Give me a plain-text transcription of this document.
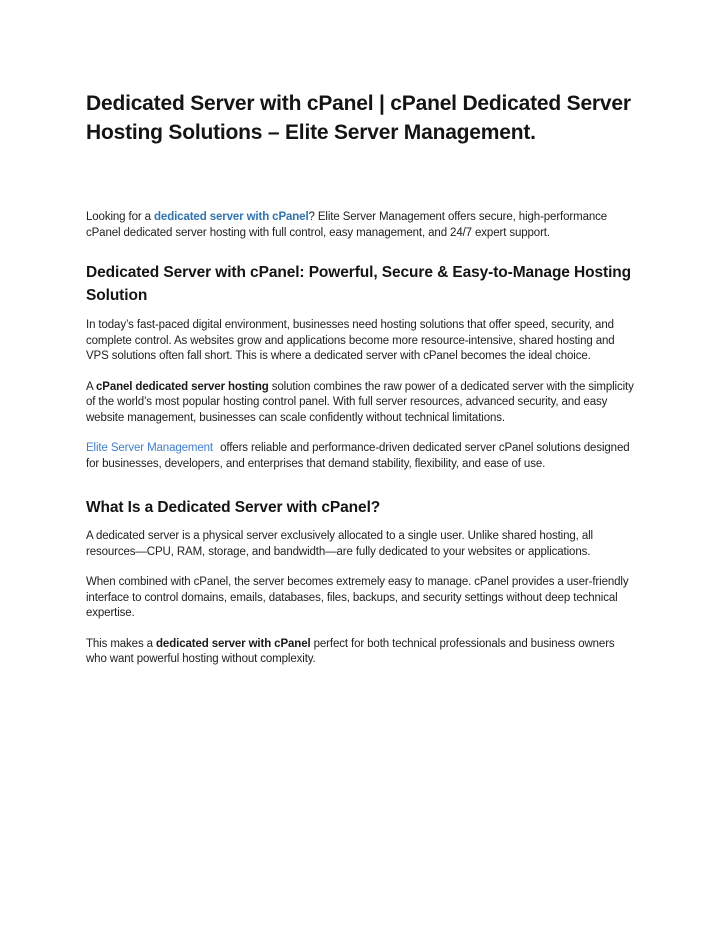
Dedicated Server with cPanel | cPanel Dedicated Server Hosting Solutions – Elite Server Management.

Looking for a dedicated server with cPanel? Elite Server Management offers secure, high-performance cPanel dedicated server hosting with full control, easy management, and 24/7 expert support.

Dedicated Server with cPanel: Powerful, Secure & Easy-to-Manage Hosting Solution

In today’s fast-paced digital environment, businesses need hosting solutions that offer speed, security, and complete control. As websites grow and applications become more resource-intensive, shared hosting and VPS solutions often fall short. This is where a dedicated server with cPanel becomes the ideal choice.

A cPanel dedicated server hosting solution combines the raw power of a dedicated server with the simplicity of the world’s most popular hosting control panel. With full server resources, advanced security, and easy website management, businesses can scale confidently without technical limitations.

Elite Server Management offers reliable and performance-driven dedicated server cPanel solutions designed for businesses, developers, and enterprises that demand stability, flexibility, and ease of use.

What Is a Dedicated Server with cPanel?

A dedicated server is a physical server exclusively allocated to a single user. Unlike shared hosting, all resources—CPU, RAM, storage, and bandwidth—are fully dedicated to your websites or applications.

When combined with cPanel, the server becomes extremely easy to manage. cPanel provides a user-friendly interface to control domains, emails, databases, files, backups, and security settings without deep technical expertise.

This makes a dedicated server with cPanel perfect for both technical professionals and business owners who want powerful hosting without complexity.
